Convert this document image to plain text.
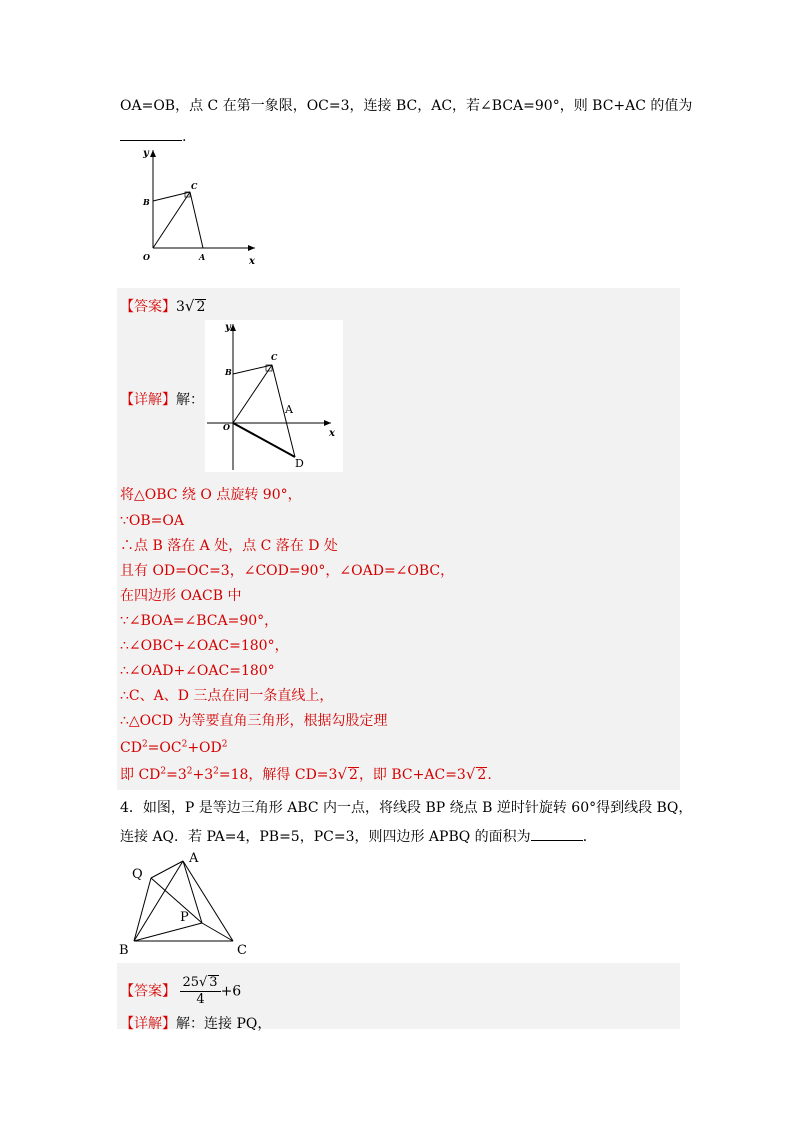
OA=OB，点 C 在第一象限，OC=3，连接 BC，AC，若∠BCA=90°，则 BC+AC 的值为
.
y
x
O	A
B
C
【答案】3√ 2
y
x
O
A
B
C
D
【详解】解：
将△OBC 绕 O 点旋转 90°，
∵OB=OA
∴点 B 落在 A 处，点 C 落在 D 处
且有 OD=OC=3，∠COD=90°，∠OAD=∠OBC，
在四边形 OACB 中
∵∠BOA=∠BCA=90°，
∴∠OBC+∠OAC=180°，
∴∠OAD+∠OAC=180°
∴C、A、D 三点在同一条直线上，
∴△OCD 为等要直角三角形，根据勾股定理
$CD^2=OC^2+OD^2$
即 $CD^2=3^2+3^2=18$，解得 CD=3√ 2，即 BC+AC=3√ 2.
4．如图，P 是等边三角形 ABC 内一点，将线段 BP 绕点 B 逆时针旋转 60°得到线段 BQ，
连接 AQ．若 PA=4，PB=5，PC=3，则四边形 APBQ 的面积为	．
Q
A
P
B	C
【答案】 $\frac{25√ 3}{4} +6$
【详解】解：连接 PQ，
